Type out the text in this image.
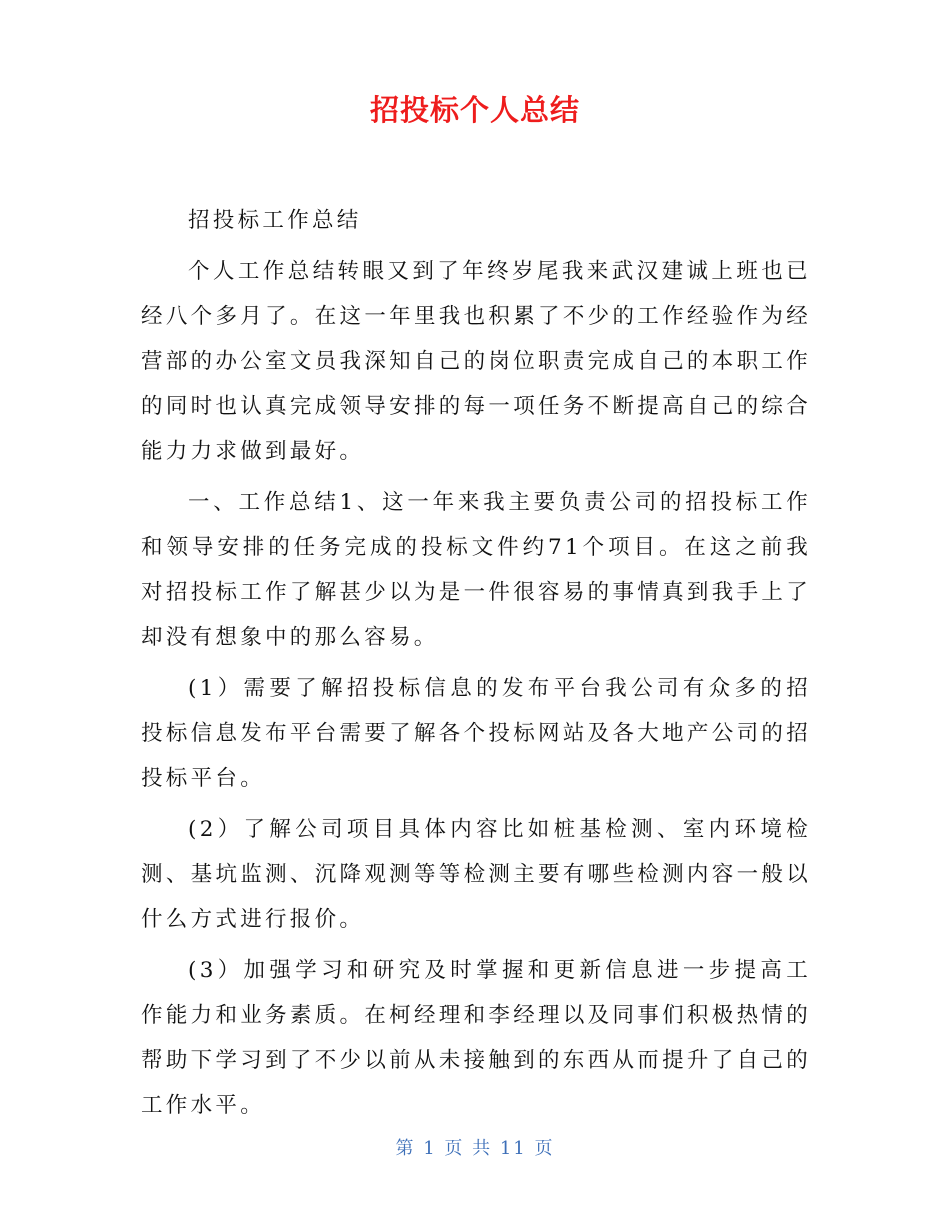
招投标个人总结

招投标工作总结

个人工作总结转眼又到了年终岁尾我来武汉建诚上班也已经八个多月了。在这一年里我也积累了不少的工作经验作为经营部的办公室文员我深知自己的岗位职责完成自己的本职工作的同时也认真完成领导安排的每一项任务不断提高自己的综合能力力求做到最好。

一、工作总结1、这一年来我主要负责公司的招投标工作和领导安排的任务完成的投标文件约71个项目。在这之前我对招投标工作了解甚少以为是一件很容易的事情真到我手上了却没有想象中的那么容易。

(1）需要了解招投标信息的发布平台我公司有众多的招投标信息发布平台需要了解各个投标网站及各大地产公司的招投标平台。

(2）了解公司项目具体内容比如桩基检测、室内环境检测、基坑监测、沉降观测等等检测主要有哪些检测内容一般以什么方式进行报价。

(3）加强学习和研究及时掌握和更新信息进一步提高工作能力和业务素质。在柯经理和李经理以及同事们积极热情的帮助下学习到了不少以前从未接触到的东西从而提升了自己的工作水平。

第 1 页 共 11 页
